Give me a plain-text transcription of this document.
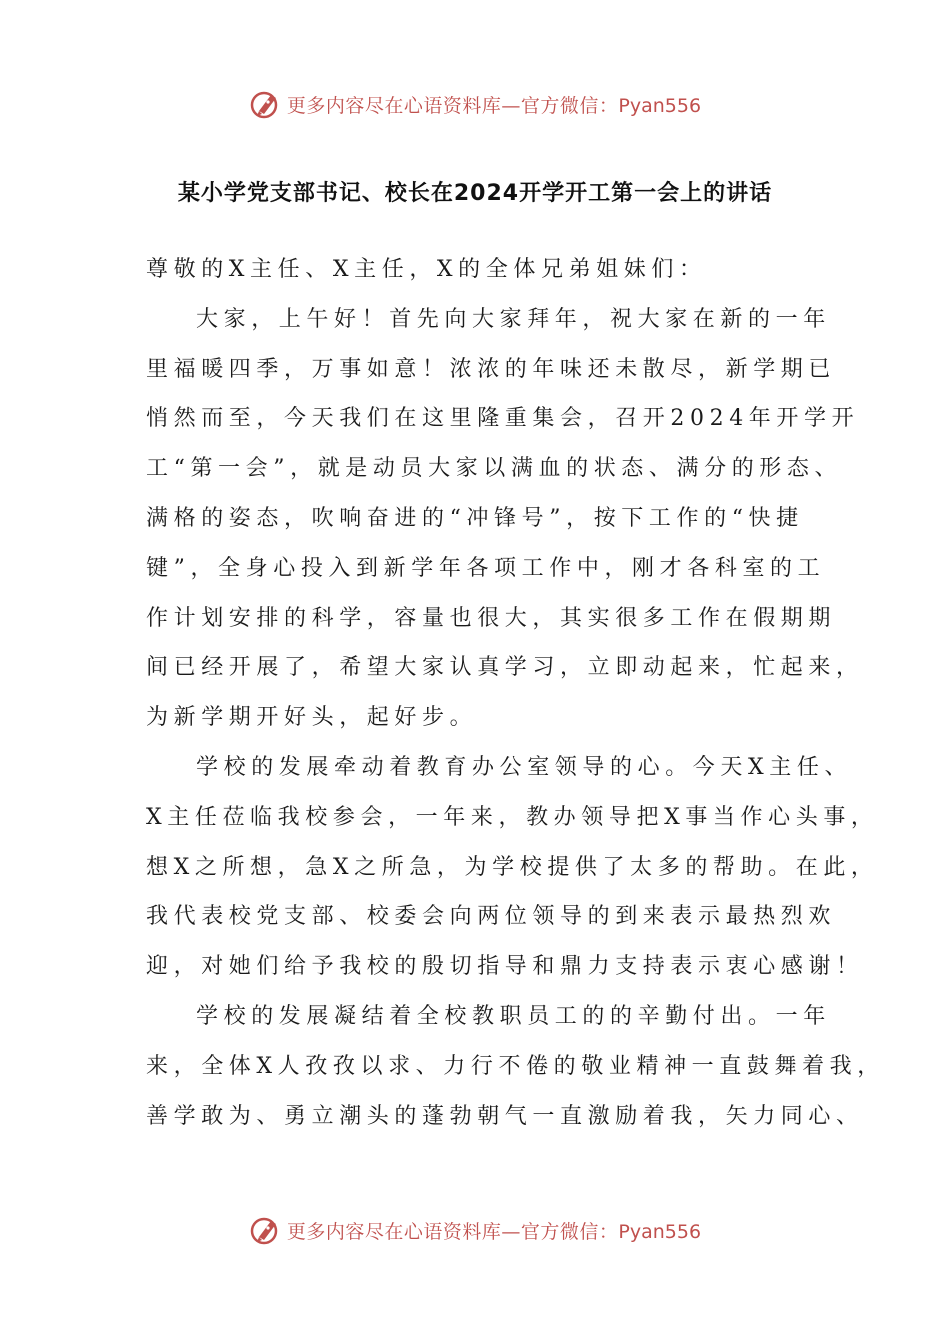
更多内容尽在心语资料库—官方微信：Pyan556
某小学党支部书记、校长在2024开学开工第一会上的讲话
尊敬的X主任、X主任，X的全体兄弟姐妹们：
大家，上午好！首先向大家拜年，祝大家在新的一年
里福暖四季，万事如意！浓浓的年味还未散尽，新学期已
悄然而至，今天我们在这里隆重集会，召开2024年开学开
工“第一会”，就是动员大家以满血的状态、满分的形态、
满格的姿态，吹响奋进的“冲锋号”，按下工作的“快捷
键”，全身心投入到新学年各项工作中，刚才各科室的工
作计划安排的科学，容量也很大，其实很多工作在假期期
间已经开展了，希望大家认真学习，立即动起来，忙起来，
为新学期开好头，起好步。
学校的发展牵动着教育办公室领导的心。今天X主任、
X主任莅临我校参会，一年来，教办领导把X事当作心头事，
想X之所想，急X之所急，为学校提供了太多的帮助。在此，
我代表校党支部、校委会向两位领导的到来表示最热烈欢
迎，对她们给予我校的殷切指导和鼎力支持表示衷心感谢！
学校的发展凝结着全校教职员工的的辛勤付出。一年
来，全体X人孜孜以求、力行不倦的敬业精神一直鼓舞着我，
善学敢为、勇立潮头的蓬勃朝气一直激励着我，矢力同心、
更多内容尽在心语资料库—官方微信：Pyan556
